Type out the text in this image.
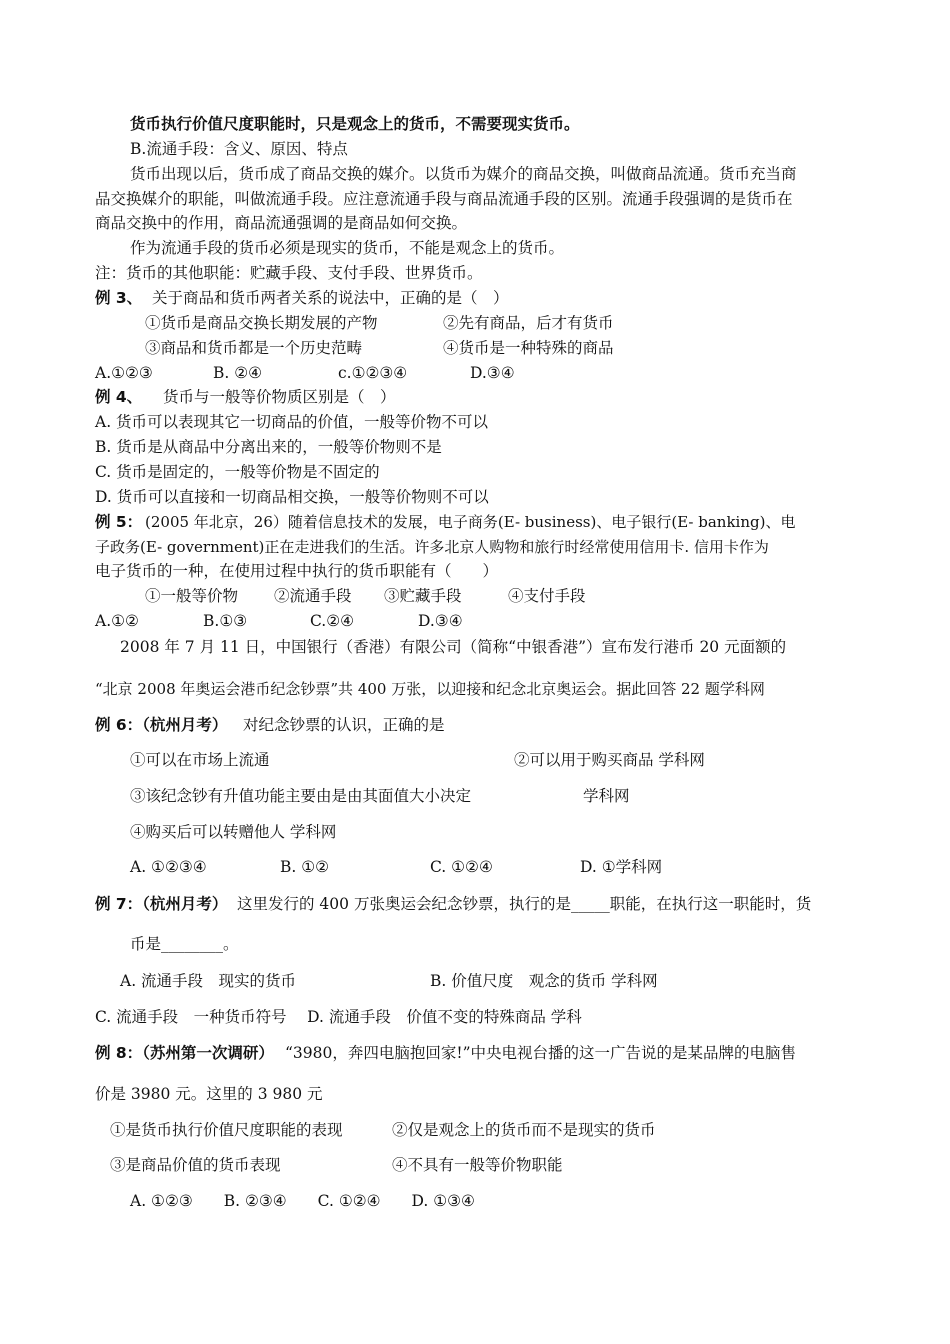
货币执行价值尺度职能时，只是观念上的货币，不需要现实货币。
B.流通手段：含义、原因、特点
货币出现以后，货币成了商品交换的媒介。以货币为媒介的商品交换，叫做商品流通。货币充当商
品交换媒介的职能，叫做流通手段。应注意流通手段与商品流通手段的区别。流通手段强调的是货币在
商品交换中的作用，商品流通强调的是商品如何交换。
作为流通手段的货币必须是现实的货币，不能是观念上的货币。
注：货币的其他职能：贮藏手段、支付手段、世界货币。
例 3、 关于商品和货币两者关系的说法中，正确的是（　）
①货币是商品交换长期发展的产物	②先有商品，后才有货币
③商品和货币都是一个历史范畴	④货币是一种特殊的商品
A.①②③	B. ②④	c.①②③④	D.③④
例 4、 货币与一般等价物质区别是（　）
A. 货币可以表现其它一切商品的价值，一般等价物不可以
B. 货币是从商品中分离出来的，一般等价物则不是
C. 货币是固定的，一般等价物是不固定的
D. 货币可以直接和一切商品相交换，一般等价物则不可以
例 5： (2005 年北京，26）随着信息技术的发展，电子商务(E- business)、电子银行(E- banking)、电
子政务(E- government)正在走进我们的生活。许多北京人购物和旅行时经常使用信用卡. 信用卡作为
电子货币的一种，在使用过程中执行的货币职能有（　　）
①一般等价物 ②流通手段 ③贮藏手段	④支付手段
A.①②	B.①③	C.②④	D.③④
2008 年 7 月 11 日，中国银行（香港）有限公司（简称“中银香港”）宣布发行港币 20 元面额的
“北京 2008 年奥运会港币纪念钞票”共 400 万张，以迎接和纪念北京奥运会。据此回答 22 题学科网
例 6：（杭州月考） 对纪念钞票的认识，正确的是
①可以在市场上流通	②可以用于购买商品 学科网
③该纪念钞有升值功能主要由是由其面值大小决定	学科网
④购买后可以转赠他人 学科网
A. ①②③④	B. ①②	C. ①②④	D. ①学科网
例 7：（杭州月考） 这里发行的 400 万张奥运会纪念钞票，执行的是_____职能，在执行这一职能时，货
币是________。
A. 流通手段　现实的货币	B. 价值尺度　观念的货币 学科网
C. 流通手段　一种货币符号　 D. 流通手段　价值不变的特殊商品 学科
例 8：（苏州第一次调研） “3980，奔四电脑抱回家!”中央电视台播的这一广告说的是某品牌的电脑售
价是 3980 元。这里的 3 980 元
①是货币执行价值尺度职能的表现	②仅是观念上的货币而不是现实的货币
③是商品价值的货币表现	④不具有一般等价物职能
A. ①②③　　B. ②③④　　C. ①②④　　D. ①③④
